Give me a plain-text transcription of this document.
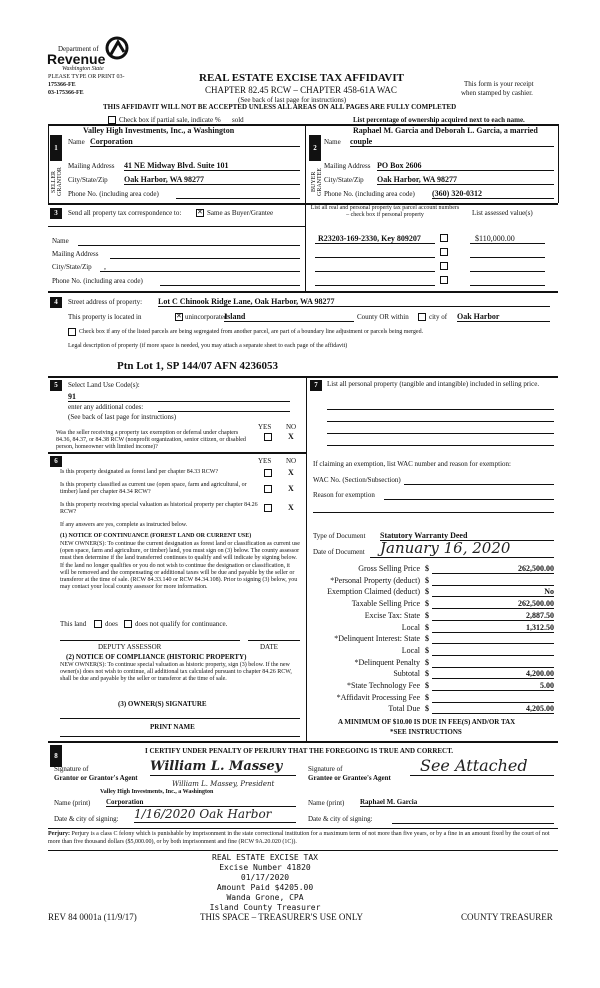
Department of
Revenue
Washington State
PLEASE TYPE OR PRINT 03-
175366-FE
03-175366-FE
REAL ESTATE EXCISE TAX AFFIDAVIT
CHAPTER 82.45 RCW – CHAPTER 458-61A WAC
(See back of last page for instructions)
This form is your receipt
when stamped by cashier.
THIS AFFIDAVIT WILL NOT BE ACCEPTED UNLESS ALL AREAS ON ALL PAGES ARE FULLY COMPLETED
Check box if partial sale, indicate % sold	List percentage of ownership acquired next to each name.
1
SELLER GRANTOR
Valley High Investments, Inc., a Washington
Name Corporation
Mailing Address 41 NE Midway Blvd. Suite 101
City/State/Zip Oak Harbor, WA 98277
Phone No. (including area code)
2
BUYER GRANTEE
Raphael M. Garcia and Deborah L. Garcia, a married
Name couple
Mailing Address PO Box 2606
City/State/Zip Oak Harbor, WA 98277
Phone No. (including area code) (360) 320-0312
3	Send all property tax correspondence to: ✕ Same as Buyer/Grantee
List all real and personal property tax parcel account numbers – check box if personal property	List assessed value(s)
Name
Mailing Address
City/State/Zip ,
Phone No. (including area code)
R23203-169-2330, Key 809207	$110,000.00
4	Street address of property: Lot C Chinook Ridge Lane, Oak Harbor, WA 98277
This property is located in	✕ unincorporated
Island	County OR within	city of Oak Harbor
Check box if any of the listed parcels are being segregated from another parcel, are part of a boundary line adjustment or parcels being merged.
Legal description of property (if more space is needed, you may attach a separate sheet to each page of the affidavit)
Ptn Lot 1, SP 144/07 AFN 4236053
5	Select Land Use Code(s):
91
enter any additional codes:
(See back of last page for instructions)
YES NO
Was the seller receiving a property tax exemption or deferral under chapters 84.36, 84.37, or 84.38 RCW (nonprofit organization, senior citizen, or disabled person, homeowner with limited income)?
X
6	YES NO
Is this property designated as forest land per chapter 84.33 RCW?	X
Is this property classified as current use (open space, farm and agricultural, or timber) land per chapter 84.34 RCW?	X
Is this property receiving special valuation as historical property per chapter 84.26 RCW?	X
If any answers are yes, complete as instructed below.
(1) NOTICE OF CONTINUANCE (FOREST LAND OR CURRENT USE)
NEW OWNER(S): To continue the current designation as forest land or classification as current use (open space, farm and agriculture, or timber) land, you must sign on (3) below. The county assessor must then determine if the land transferred continues to qualify and will indicate by signing below. If the land no longer qualifies or you do not wish to continue the designation or classification, it will be removed and the compensating or additional taxes will be due and payable by the seller or transferor at the time of sale. (RCW 84.33.140 or RCW 84.34.108). Prior to signing (3) below, you may contact your local county assessor for more information.
This land	does does not qualify for continuance.
DEPUTY ASSESSOR	DATE
(2) NOTICE OF COMPLIANCE (HISTORIC PROPERTY)
NEW OWNER(S): To continue special valuation as historic property, sign (3) below. If the new owner(s) does not wish to continue, all additional tax calculated pursuant to chapter 84.26 RCW, shall be due and payable by the seller or transferor at the time of sale.
(3) OWNER(S) SIGNATURE
PRINT NAME
7	List all personal property (tangible and intangible) included in selling price.
If claiming an exemption, list WAC number and reason for exemption:
WAC No. (Section/Subsection)
Reason for exemption
Type of Document Statutory Warranty Deed
Date of Document	January 16, 2020
Gross Selling Price $	262,500.00
*Personal Property (deduct) $
Exemption Claimed (deduct) $	No
Taxable Selling Price $	262,500.00
Excise Tax: State $	2,887.50
Local $	1,312.50
*Delinquent Interest: State $
Local $
*Delinquent Penalty $
Subtotal $	4,200.00
*State Technology Fee $	5.00
*Affidavit Processing Fee $
Total Due $	4,205.00
A MINIMUM OF $10.00 IS DUE IN FEE(S) AND/OR TAX
*SEE INSTRUCTIONS
8
I CERTIFY UNDER PENALTY OF PERJURY THAT THE FOREGOING IS TRUE AND CORRECT.
Signature of
Grantor or Grantor's Agent
William L. Massey
William L. Massey, President
Valley High Investments, Inc., a Washington
Name (print) Corporation
Date & city of signing: 1/16/2020 Oak Harbor
Signature of
Grantee or Grantee's Agent
See Attached
Name (print) Raphael M. Garcia
Date & city of signing:
Perjury: Perjury is a class C felony which is punishable by imprisonment in the state correctional institution for a maximum term of not more than five years, or by a fine in an amount fixed by the court of not more than five thousand dollars ($5,000.00), or by both imprisonment and fine (RCW 9A.20.020 (1C)).
REAL ESTATE EXCISE TAX
Excise Number 41820
01/17/2020
Amount Paid $4205.00
Wanda Grone, CPA
Island County Treasurer
REV 84 0001a (11/9/17)	THIS SPACE – TREASURER'S USE ONLY	COUNTY TREASURER
